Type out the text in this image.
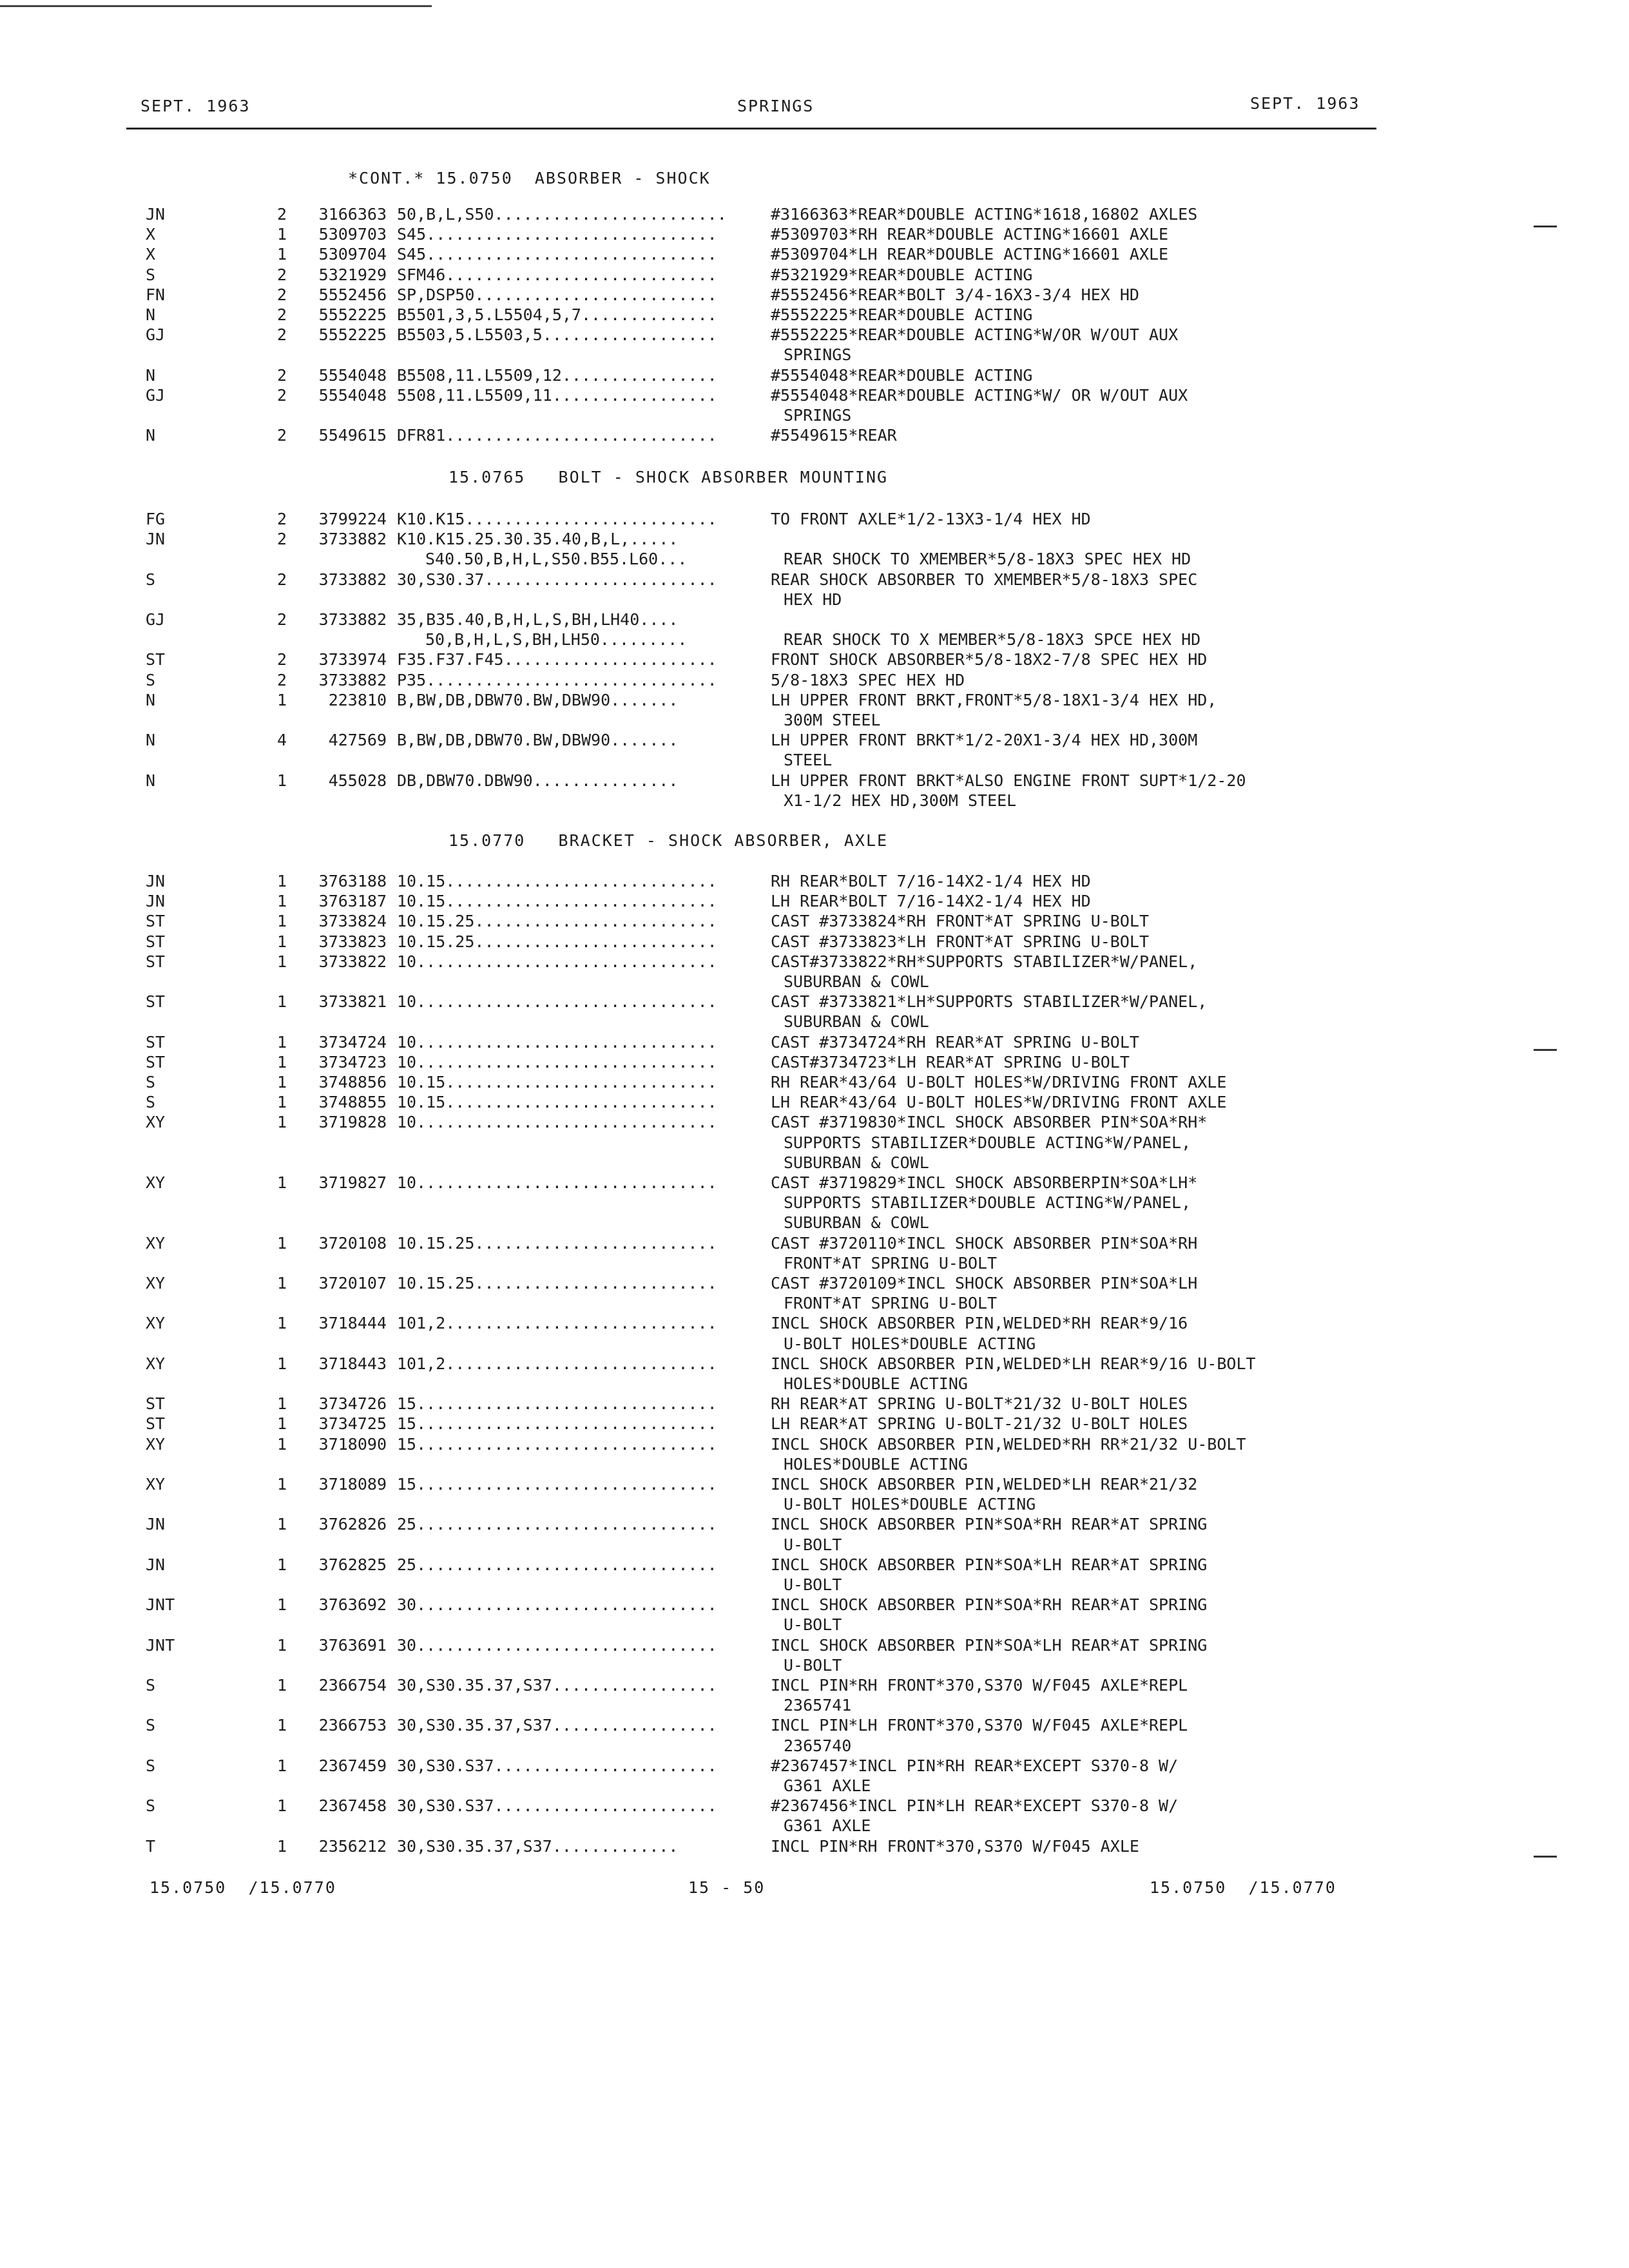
SEPT. 1963	SPRINGS	SEPT. 1963
*CONT.* 15.0750  ABSORBER - SHOCK
JN	2	3166363 50,B,L,S50........................	#3166363*REAR*DOUBLE ACTING*1618,16802 AXLES
X	1	5309703 S45..............................	#5309703*RH REAR*DOUBLE ACTING*16601 AXLE
X	1	5309704 S45..............................	#5309704*LH REAR*DOUBLE ACTING*16601 AXLE
S	2	5321929 SFM46............................	#5321929*REAR*DOUBLE ACTING
FN	2	5552456 SP,DSP50.........................	#5552456*REAR*BOLT 3/4-16X3-3/4 HEX HD
N	2	5552225 B5501,3,5.L5504,5,7..............	#5552225*REAR*DOUBLE ACTING
GJ	2	5552225 B5503,5.L5503,5..................	#5552225*REAR*DOUBLE ACTING*W/OR W/OUT AUX
SPRINGS
N	2	5554048 B5508,11.L5509,12................	#5554048*REAR*DOUBLE ACTING
GJ	2	5554048 5508,11.L5509,11.................	#5554048*REAR*DOUBLE ACTING*W/ OR W/OUT AUX
SPRINGS
N	2	5549615 DFR81............................	#5549615*REAR
15.0765   BOLT - SHOCK ABSORBER MOUNTING
FG	2	3799224 K10.K15..........................	TO FRONT AXLE*1/2-13X3-1/4 HEX HD
JN	2	3733882 K10.K15.25.30.35.40,B,L,.....
S40.50,B,H,L,S50.B55.L60...	REAR SHOCK TO XMEMBER*5/8-18X3 SPEC HEX HD
S	2	3733882 30,S30.37........................	REAR SHOCK ABSORBER TO XMEMBER*5/8-18X3 SPEC
HEX HD
GJ	2	3733882 35,B35.40,B,H,L,S,BH,LH40....
50,B,H,L,S,BH,LH50.........	REAR SHOCK TO X MEMBER*5/8-18X3 SPCE HEX HD
ST	2	3733974 F35.F37.F45......................	FRONT SHOCK ABSORBER*5/8-18X2-7/8 SPEC HEX HD
S	2	3733882 P35..............................	5/8-18X3 SPEC HEX HD
N	1	223810 B,BW,DB,DBW70.BW,DBW90.......	LH UPPER FRONT BRKT,FRONT*5/8-18X1-3/4 HEX HD,
300M STEEL
N	4	427569 B,BW,DB,DBW70.BW,DBW90.......	LH UPPER FRONT BRKT*1/2-20X1-3/4 HEX HD,300M
STEEL
N	1	455028 DB,DBW70.DBW90...............	LH UPPER FRONT BRKT*ALSO ENGINE FRONT SUPT*1/2-20
X1-1/2 HEX HD,300M STEEL
15.0770   BRACKET - SHOCK ABSORBER, AXLE
JN	1	3763188 10.15............................	RH REAR*BOLT 7/16-14X2-1/4 HEX HD
JN	1	3763187 10.15............................	LH REAR*BOLT 7/16-14X2-1/4 HEX HD
ST	1	3733824 10.15.25.........................	CAST #3733824*RH FRONT*AT SPRING U-BOLT
ST	1	3733823 10.15.25.........................	CAST #3733823*LH FRONT*AT SPRING U-BOLT
ST	1	3733822 10...............................	CAST#3733822*RH*SUPPORTS STABILIZER*W/PANEL,
SUBURBAN & COWL
ST	1	3733821 10...............................	CAST #3733821*LH*SUPPORTS STABILIZER*W/PANEL,
SUBURBAN & COWL
ST	1	3734724 10...............................	CAST #3734724*RH REAR*AT SPRING U-BOLT
ST	1	3734723 10...............................	CAST#3734723*LH REAR*AT SPRING U-BOLT
S	1	3748856 10.15............................	RH REAR*43/64 U-BOLT HOLES*W/DRIVING FRONT AXLE
S	1	3748855 10.15............................	LH REAR*43/64 U-BOLT HOLES*W/DRIVING FRONT AXLE
XY	1	3719828 10...............................	CAST #3719830*INCL SHOCK ABSORBER PIN*SOA*RH*
SUPPORTS STABILIZER*DOUBLE ACTING*W/PANEL,
SUBURBAN & COWL
XY	1	3719827 10...............................	CAST #3719829*INCL SHOCK ABSORBERPIN*SOA*LH*
SUPPORTS STABILIZER*DOUBLE ACTING*W/PANEL,
SUBURBAN & COWL
XY	1	3720108 10.15.25.........................	CAST #3720110*INCL SHOCK ABSORBER PIN*SOA*RH
FRONT*AT SPRING U-BOLT
XY	1	3720107 10.15.25.........................	CAST #3720109*INCL SHOCK ABSORBER PIN*SOA*LH
FRONT*AT SPRING U-BOLT
XY	1	3718444 101,2............................	INCL SHOCK ABSORBER PIN,WELDED*RH REAR*9/16
U-BOLT HOLES*DOUBLE ACTING
XY	1	3718443 101,2............................	INCL SHOCK ABSORBER PIN,WELDED*LH REAR*9/16 U-BOLT
HOLES*DOUBLE ACTING
ST	1	3734726 15...............................	RH REAR*AT SPRING U-BOLT*21/32 U-BOLT HOLES
ST	1	3734725 15...............................	LH REAR*AT SPRING U-BOLT-21/32 U-BOLT HOLES
XY	1	3718090 15...............................	INCL SHOCK ABSORBER PIN,WELDED*RH RR*21/32 U-BOLT
HOLES*DOUBLE ACTING
XY	1	3718089 15...............................	INCL SHOCK ABSORBER PIN,WELDED*LH REAR*21/32
U-BOLT HOLES*DOUBLE ACTING
JN	1	3762826 25...............................	INCL SHOCK ABSORBER PIN*SOA*RH REAR*AT SPRING
U-BOLT
JN	1	3762825 25...............................	INCL SHOCK ABSORBER PIN*SOA*LH REAR*AT SPRING
U-BOLT
JNT	1	3763692 30...............................	INCL SHOCK ABSORBER PIN*SOA*RH REAR*AT SPRING
U-BOLT
JNT	1	3763691 30...............................	INCL SHOCK ABSORBER PIN*SOA*LH REAR*AT SPRING
U-BOLT
S	1	2366754 30,S30.35.37,S37.................	INCL PIN*RH FRONT*370,S370 W/F045 AXLE*REPL
2365741
S	1	2366753 30,S30.35.37,S37.................	INCL PIN*LH FRONT*370,S370 W/F045 AXLE*REPL
2365740
S	1	2367459 30,S30.S37.......................	#2367457*INCL PIN*RH REAR*EXCEPT S370-8 W/
G361 AXLE
S	1	2367458 30,S30.S37.......................	#2367456*INCL PIN*LH REAR*EXCEPT S370-8 W/
G361 AXLE
T	1	2356212 30,S30.35.37,S37.............	INCL PIN*RH FRONT*370,S370 W/F045 AXLE
15.0750  /15.0770	15 - 50	15.0750  /15.0770
